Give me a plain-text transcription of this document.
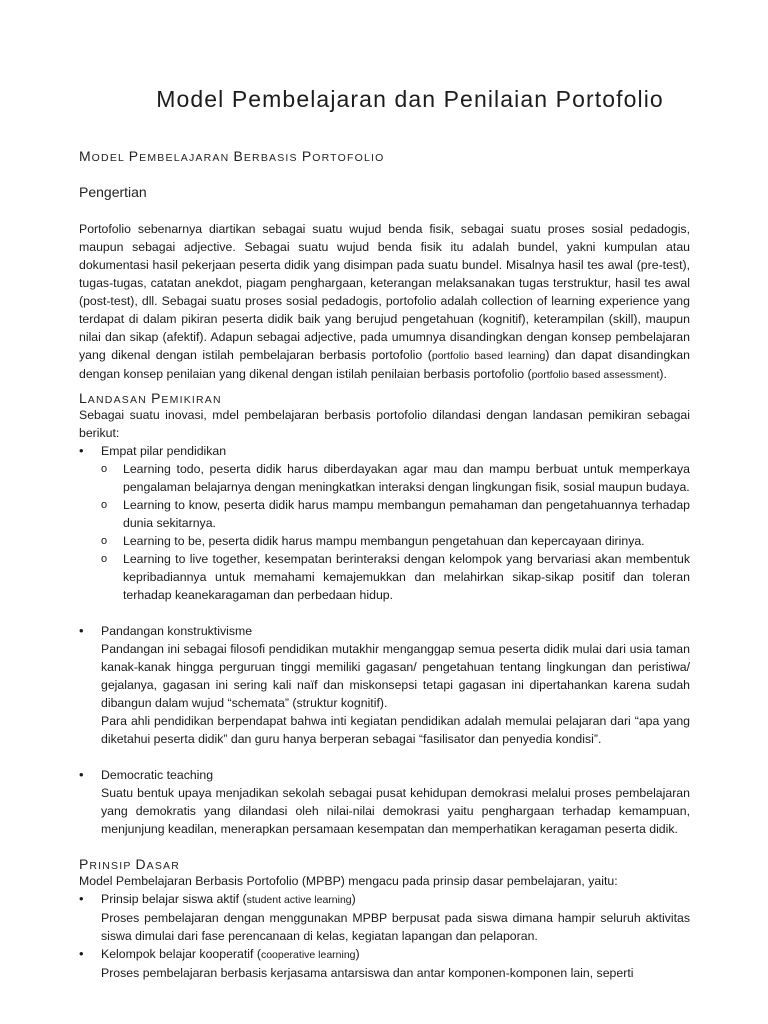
Model Pembelajaran dan Penilaian Portofolio
MODEL PEMBELAJARAN BERBASIS PORTOFOLIO
Pengertian

Portofolio sebenarnya diartikan sebagai suatu wujud benda fisik, sebagai suatu proses sosial pedadogis, maupun sebagai adjective. Sebagai suatu wujud benda fisik itu adalah bundel, yakni kumpulan atau dokumentasi hasil pekerjaan peserta didik yang disimpan pada suatu bundel. Misalnya hasil tes awal (pre-test), tugas-tugas, catatan anekdot, piagam penghargaan, keterangan melaksanakan tugas terstruktur, hasil tes awal (post-test), dll. Sebagai suatu proses sosial pedadogis, portofolio adalah collection of learning experience yang terdapat di dalam pikiran peserta didik baik yang berujud pengetahuan (kognitif), keterampilan (skill), maupun nilai dan sikap (afektif). Adapun sebagai adjective, pada umumnya disandingkan dengan konsep pembelajaran yang dikenal dengan istilah pembelajaran berbasis portofolio (portfolio based learning) dan dapat disandingkan dengan konsep penilaian yang dikenal dengan istilah penilaian berbasis portofolio (portfolio based assessment).

LANDASAN PEMIKIRAN

Sebagai suatu inovasi, mdel pembelajaran berbasis portofolio dilandasi dengan landasan pemikiran sebagai berikut:

• Empat pilar pendidikan
o Learning todo, peserta didik harus diberdayakan agar mau dan mampu berbuat untuk memperkaya pengalaman belajarnya dengan meningkatkan interaksi dengan lingkungan fisik, sosial maupun budaya.
o Learning to know, peserta didik harus mampu membangun pemahaman dan pengetahuannya terhadap dunia sekitarnya.
o Learning to be, peserta didik harus mampu membangun pengetahuan dan kepercayaan dirinya.
o Learning to live together, kesempatan berinteraksi dengan kelompok yang bervariasi akan membentuk kepribadiannya untuk memahami kemajemukkan dan melahirkan sikap-sikap positif dan toleran terhadap keanekaragaman dan perbedaan hidup.
• Pandangan konstruktivisme
Pandangan ini sebagai filosofi pendidikan mutakhir menganggap semua peserta didik mulai dari usia taman kanak-kanak hingga perguruan tinggi memiliki gagasan/ pengetahuan tentang lingkungan dan peristiwa/ gejalanya, gagasan ini sering kali naïf dan miskonsepsi tetapi gagasan ini dipertahankan karena sudah dibangun dalam wujud “schemata” (struktur kognitif).
Para ahli pendidikan berpendapat bahwa inti kegiatan pendidikan adalah memulai pelajaran dari “apa yang diketahui peserta didik” dan guru hanya berperan sebagai “fasilisator dan penyedia kondisi”.
• Democratic teaching
Suatu bentuk upaya menjadikan sekolah sebagai pusat kehidupan demokrasi melalui proses pembelajaran yang demokratis yang dilandasi oleh nilai-nilai demokrasi yaitu penghargaan terhadap kemampuan, menjunjung keadilan, menerapkan persamaan kesempatan dan memperhatikan keragaman peserta didik.
PRINSIP DASAR

Model Pembelajaran Berbasis Portofolio (MPBP) mengacu pada prinsip dasar pembelajaran, yaitu:

• Prinsip belajar siswa aktif (student active learning)
Proses pembelajaran dengan menggunakan MPBP berpusat pada siswa dimana hampir seluruh aktivitas siswa dimulai dari fase perencanaan di kelas, kegiatan lapangan dan pelaporan.
• Kelompok belajar kooperatif (cooperative learning)
Proses pembelajaran berbasis kerjasama antarsiswa dan antar komponen-komponen lain, seperti
